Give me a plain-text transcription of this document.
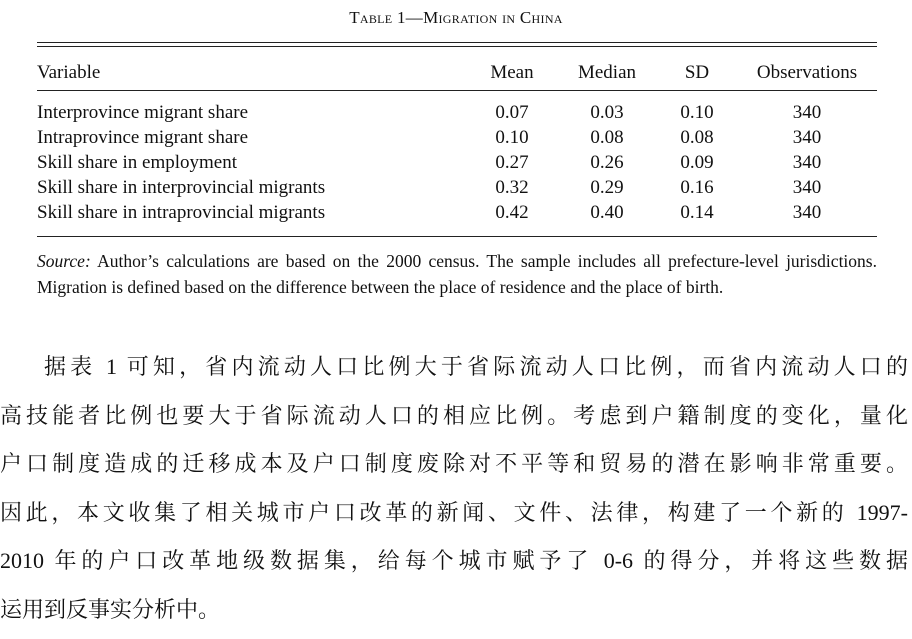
Table 1—Migration in China
Variable	Mean	Median	SD	Observations
Interprovince migrant share	0.07	0.03	0.10	340
Intraprovince migrant share	0.10	0.08	0.08	340
Skill share in employment	0.27	0.26	0.09	340
Skill share in interprovincial migrants	0.32	0.29	0.16	340
Skill share in intraprovincial migrants	0.42	0.40	0.14	340
Source: Author’s calculations are based on the 2000 census. The sample includes all prefecture-level jurisdictions. Migration is defined based on the difference between the place of residence and the place of birth.
据表 1 可知，省内流动人口比例大于省际流动人口比例，而省内流动人口的
高技能者比例也要大于省际流动人口的相应比例。考虑到户籍制度的变化，量化
户口制度造成的迁移成本及户口制度废除对不平等和贸易的潜在影响非常重要。
因此，本文收集了相关城市户口改革的新闻、文件、法律，构建了一个新的 1997-
2010 年的户口改革地级数据集，给每个城市赋予了 0-6 的得分，并将这些数据
运用到反事实分析中。
